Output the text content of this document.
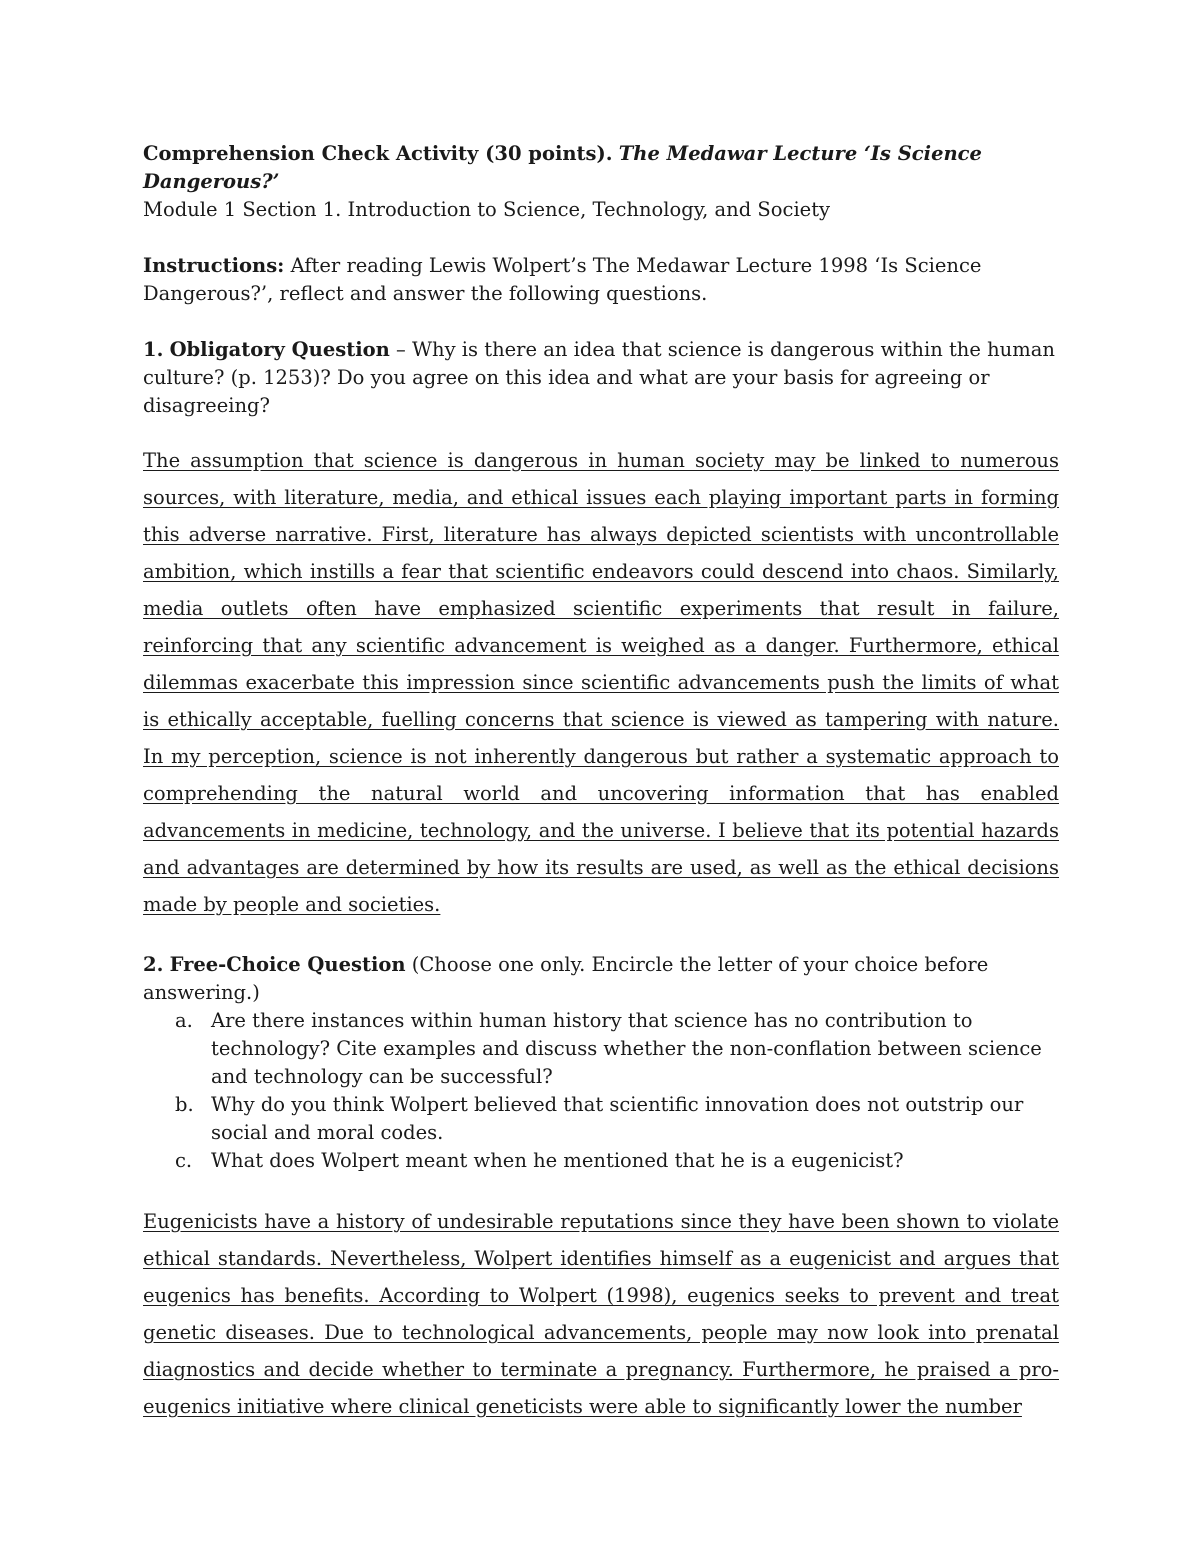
Comprehension Check Activity (30 points). The Medawar Lecture ‘Is Science Dangerous?’

Module 1 Section 1. Introduction to Science, Technology, and Society

Instructions: After reading Lewis Wolpert’s The Medawar Lecture 1998 ‘Is Science Dangerous?’, reflect and answer the following questions.

1. Obligatory Question – Why is there an idea that science is dangerous within the human culture? (p. 1253)? Do you agree on this idea and what are your basis for agreeing or disagreeing?

The assumption that science is dangerous in human society may be linked to numerous sources, with literature, media, and ethical issues each playing important parts in forming this adverse narrative. First, literature has always depicted scientists with uncontrollable ambition, which instills a fear that scientific endeavors could descend into chaos. Similarly, media outlets often have emphasized scientific experiments that result in failure, reinforcing that any scientific advancement is weighed as a danger. Furthermore, ethical dilemmas exacerbate this impression since scientific advancements push the limits of what is ethically acceptable, fuelling concerns that science is viewed as tampering with nature. In my perception, science is not inherently dangerous but rather a systematic approach to comprehending the natural world and uncovering information that has enabled advancements in medicine, technology, and the universe. I believe that its potential hazards and advantages are determined by how its results are used, as well as the ethical decisions made by people and societies.

2. Free-Choice Question (Choose one only. Encircle the letter of your choice before answering.)

a. Are there instances within human history that science has no contribution to technology? Cite examples and discuss whether the non-conflation between science and technology can be successful?
b. Why do you think Wolpert believed that scientific innovation does not outstrip our social and moral codes.
c. What does Wolpert meant when he mentioned that he is a eugenicist?

Eugenicists have a history of undesirable reputations since they have been shown to violate ethical standards. Nevertheless, Wolpert identifies himself as a eugenicist and argues that eugenics has benefits. According to Wolpert (1998), eugenics seeks to prevent and treat genetic diseases. Due to technological advancements, people may now look into prenatal diagnostics and decide whether to terminate a pregnancy. Furthermore, he praised a pro-eugenics initiative where clinical geneticists were able to significantly lower the number
